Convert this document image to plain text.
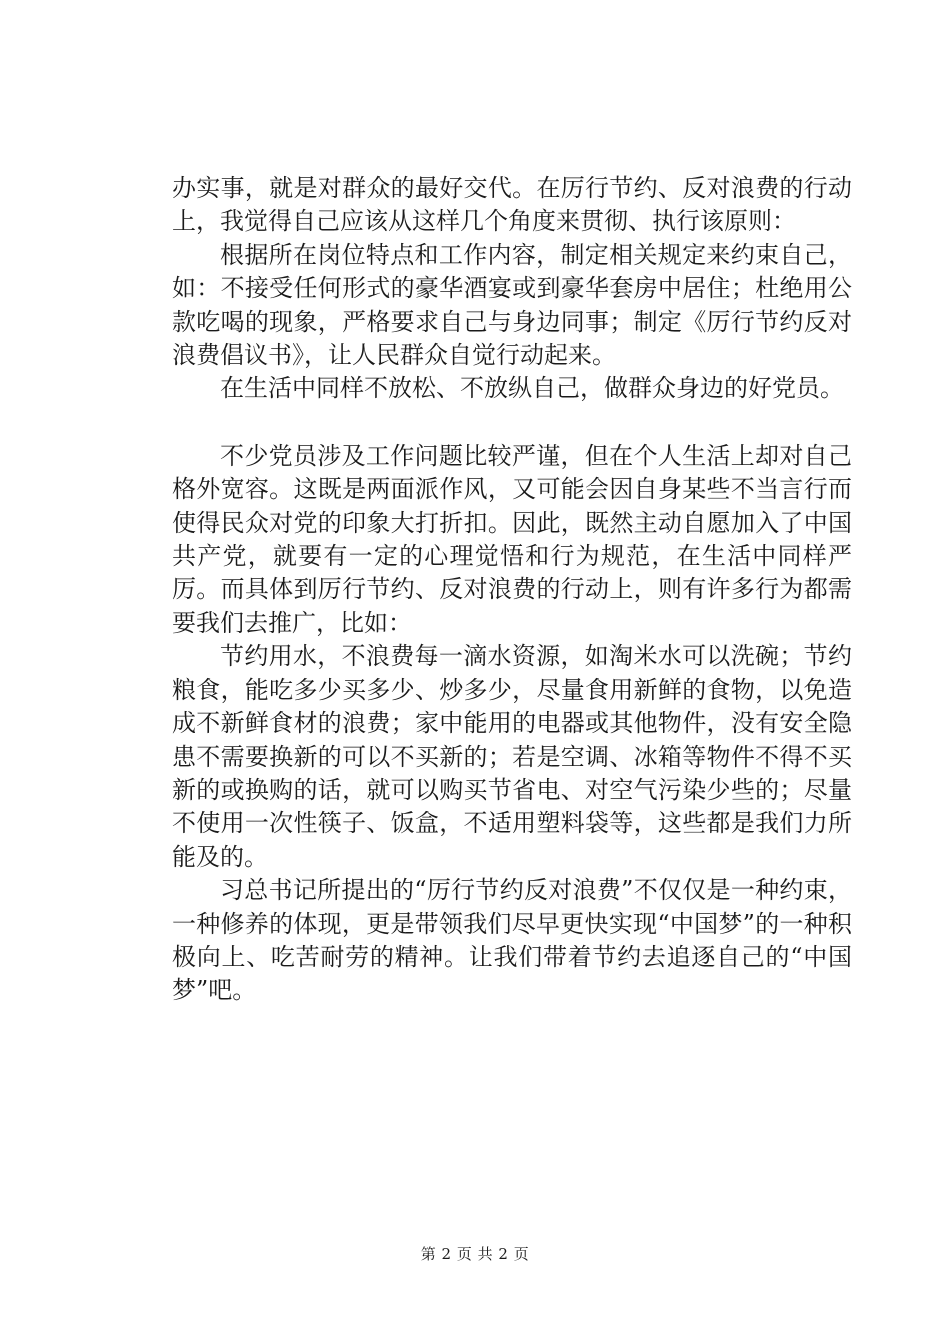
办实事，就是对群众的最好交代。在厉行节约、反对浪费的行动上，我觉得自己应该从这样几个角度来贯彻、执行该原则：

根据所在岗位特点和工作内容，制定相关规定来约束自己，如：不接受任何形式的豪华酒宴或到豪华套房中居住；杜绝用公款吃喝的现象，严格要求自己与身边同事；制定《厉行节约反对浪费倡议书》，让人民群众自觉行动起来。

在生活中同样不放松、不放纵自己，做群众身边的好党员。

不少党员涉及工作问题比较严谨，但在个人生活上却对自己格外宽容。这既是两面派作风，又可能会因自身某些不当言行而使得民众对党的印象大打折扣。因此，既然主动自愿加入了中国共产党，就要有一定的心理觉悟和行为规范，在生活中同样严厉。而具体到厉行节约、反对浪费的行动上，则有许多行为都需要我们去推广，比如：

节约用水，不浪费每一滴水资源，如淘米水可以洗碗；节约粮食，能吃多少买多少、炒多少，尽量食用新鲜的食物，以免造成不新鲜食材的浪费；家中能用的电器或其他物件，没有安全隐患不需要换新的可以不买新的；若是空调、冰箱等物件不得不买新的或换购的话，就可以购买节省电、对空气污染少些的；尽量不使用一次性筷子、饭盒，不适用塑料袋等，这些都是我们力所能及的。

习总书记所提出的“厉行节约反对浪费”不仅仅是一种约束，一种修养的体现，更是带领我们尽早更快实现“中国梦”的一种积极向上、吃苦耐劳的精神。让我们带着节约去追逐自己的“中国梦”吧。

第 2 页 共 2 页
